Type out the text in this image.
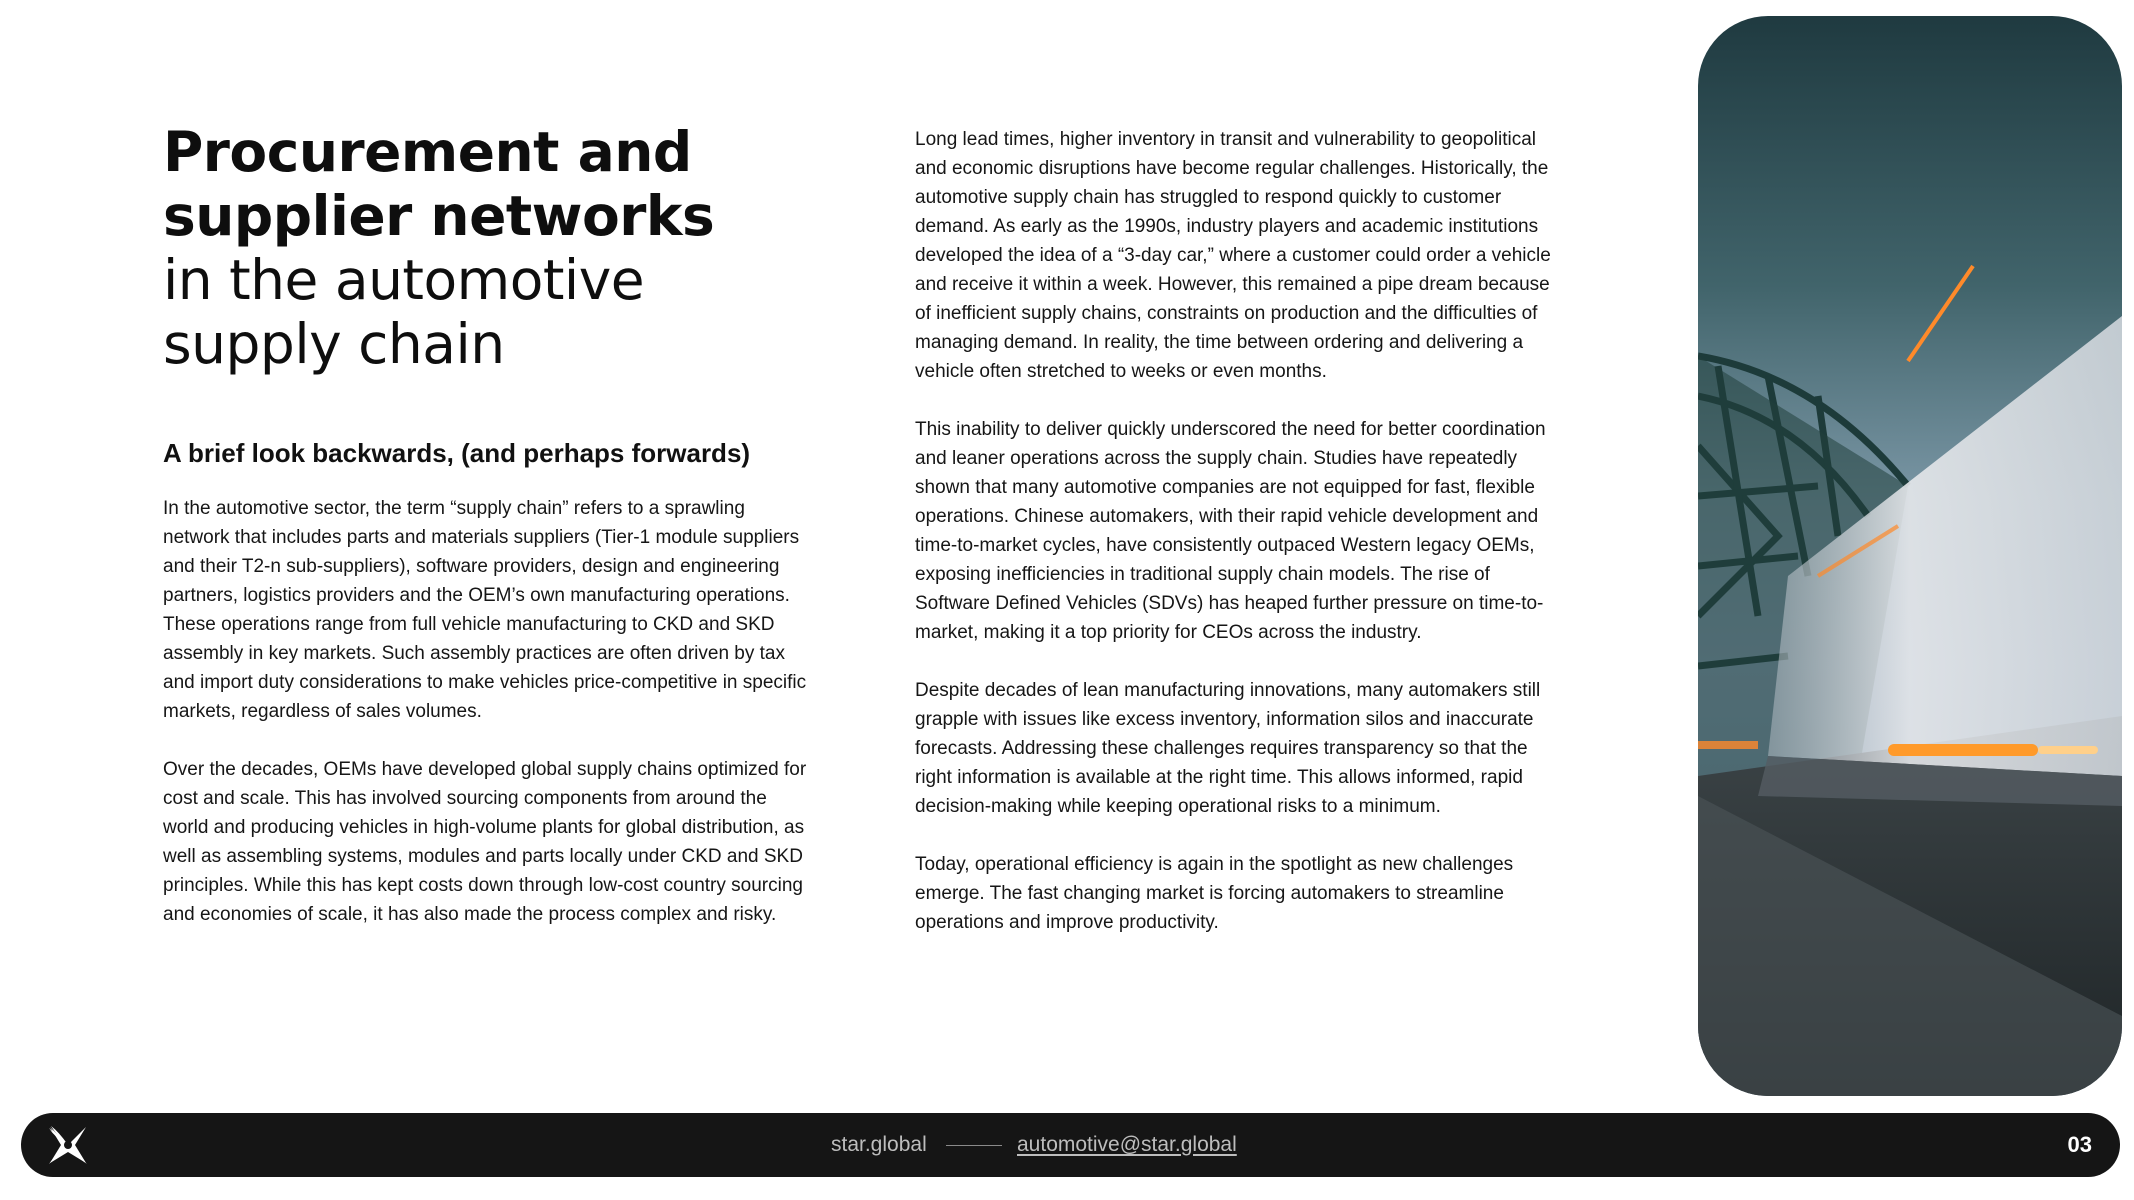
Procurement and
supplier networks
in the automotive
supply chain
A brief look backwards, (and perhaps forwards)

In the automotive sector, the term “supply chain” refers to a sprawling network that includes parts and materials suppliers (Tier-1 module suppliers and their T2-n sub-suppliers), software providers, design and engineering partners, logistics providers and the OEM’s own manufacturing operations. These operations range from full vehicle manufacturing to CKD and SKD assembly in key markets. Such assembly practices are often driven by tax and import duty considerations to make vehicles price-competitive in specific markets, regardless of sales volumes.

Over the decades, OEMs have developed global supply chains optimized for cost and scale. This has involved sourcing components from around the world and producing vehicles in high-volume plants for global distribution, as well as assembling systems, modules and parts locally under CKD and SKD principles. While this has kept costs down through low-cost country sourcing and economies of scale, it has also made the process complex and risky.

Long lead times, higher inventory in transit and vulnerability to geopolitical and economic disruptions have become regular challenges. Historically, the automotive supply chain has struggled to respond quickly to customer demand. As early as the 1990s, industry players and academic institutions developed the idea of a “3-day car,” where a customer could order a vehicle and receive it within a week. However, this remained a pipe dream because of inefficient supply chains, constraints on production and the difficulties of managing demand. In reality, the time between ordering and delivering a vehicle often stretched to weeks or even months.

This inability to deliver quickly underscored the need for better coordination and leaner operations across the supply chain. Studies have repeatedly shown that many automotive companies are not equipped for fast, flexible operations. Chinese automakers, with their rapid vehicle development and time-to-market cycles, have consistently outpaced Western legacy OEMs, exposing inefficiencies in traditional supply chain models. The rise of Software Defined Vehicles (SDVs) has heaped further pressure on time-to-market, making it a top priority for CEOs across the industry.

Despite decades of lean manufacturing innovations, many automakers still grapple with issues like excess inventory, information silos and inaccurate forecasts. Addressing these challenges requires transparency so that the right information is available at the right time. This allows informed, rapid decision-making while keeping operational risks to a minimum.

Today, operational efficiency is again in the spotlight as new challenges emerge. The fast changing market is forcing automakers to streamline operations and improve productivity.

star.global	automotive@star.global	03
